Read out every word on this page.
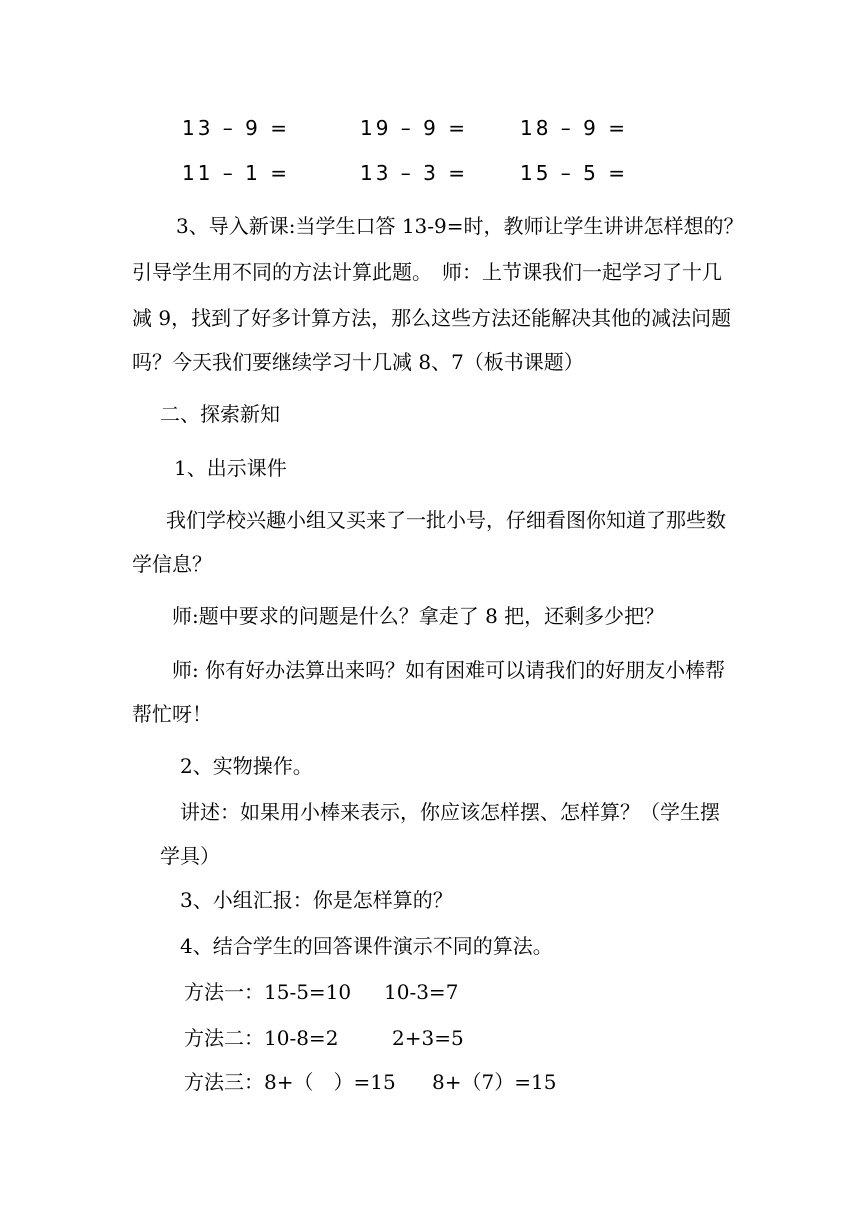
13 – 9 =	19 – 9 =	18 – 9 =
11 – 1 =	13 – 3 =	15 – 5 =
3、导入新课:当学生口答 13-9=时，教师让学生讲讲怎样想的？
引导学生用不同的方法计算此题。　师：上节课我们一起学习了十几
减 9，找到了好多计算方法，那么这些方法还能解决其他的减法问题
吗？今天我们要继续学习十几减 8、7（板书课题）
二、探索新知
1、出示课件
我们学校兴趣小组又买来了一批小号，仔细看图你知道了那些数
学信息？
师:题中要求的问题是什么？拿走了 8 把，还剩多少把？
师: 你有好办法算出来吗？如有困难可以请我们的好朋友小棒帮
帮忙呀！
2、实物操作。
讲述：如果用小棒来表示，你应该怎样摆、怎样算？（学生摆
学具）
3、小组汇报：你是怎样算的？
4、结合学生的回答课件演示不同的算法。
方法一：15-5=10 10-3=7
方法二：10-8=2	2+3=5
方法三：8+（　）=15 8+（7）=15
